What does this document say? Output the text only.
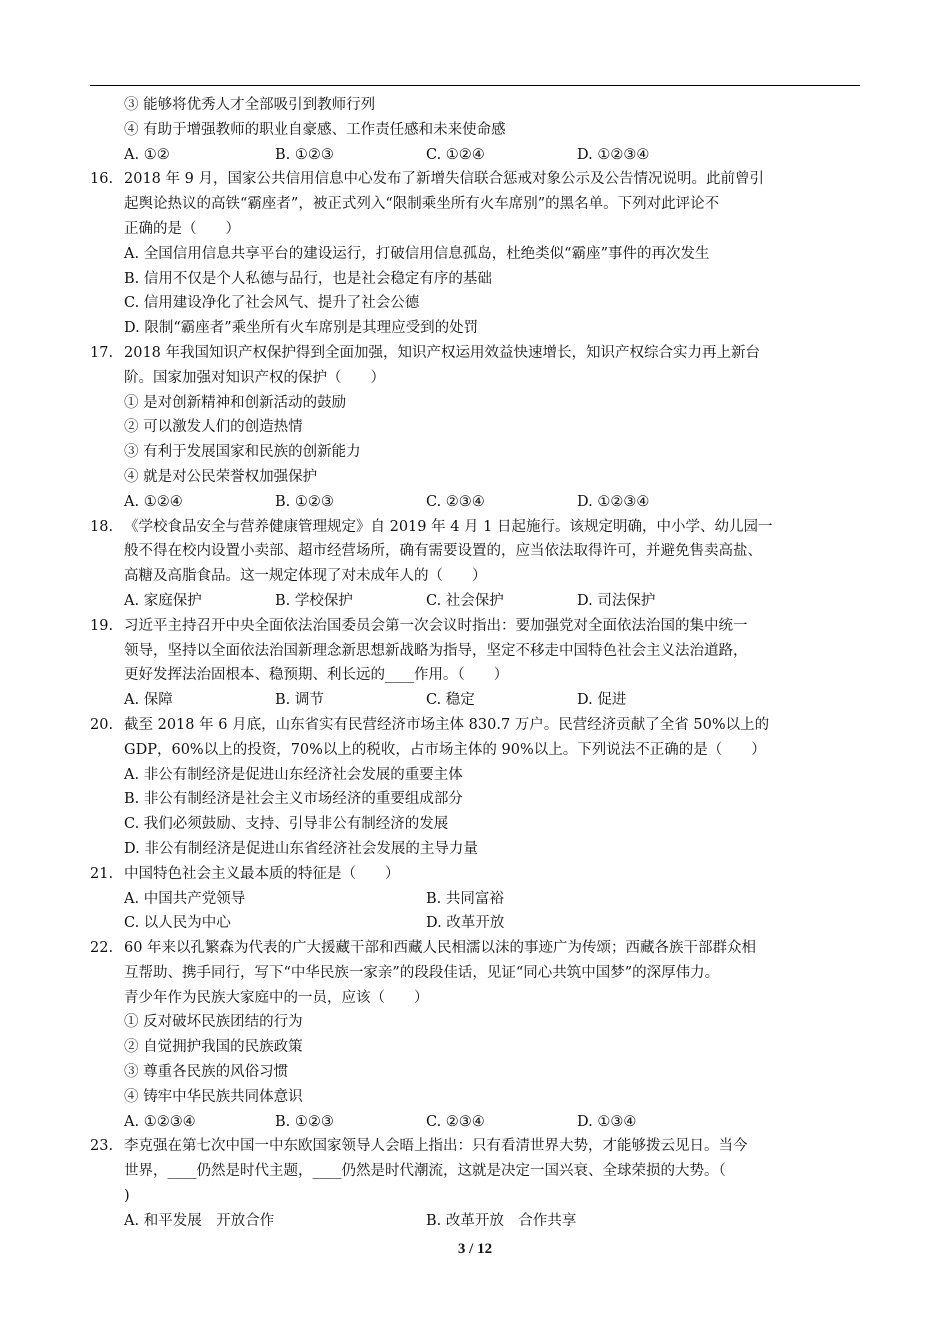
③ 能够将优秀人才全部吸引到教师行列
④ 有助于增强教师的职业自豪感、工作责任感和未来使命感
A. ①②	B. ①②③	C. ①②④	D. ①②③④
16. 2018 年 9 月，国家公共信用信息中心发布了新增失信联合惩戒对象公示及公告情况说明。此前曾引
起舆论热议的高铁“霸座者”，被正式列入“限制乘坐所有火车席别”的黑名单。下列对此评论不
正确的是（　　）
A. 全国信用信息共享平台的建设运行，打破信用信息孤岛，杜绝类似“霸座”事件的再次发生
B. 信用不仅是个人私德与品行，也是社会稳定有序的基础
C. 信用建设净化了社会风气、提升了社会公德
D. 限制“霸座者”乘坐所有火车席别是其理应受到的处罚
17. 2018 年我国知识产权保护得到全面加强，知识产权运用效益快速增长，知识产权综合实力再上新台
阶。国家加强对知识产权的保护（　　）
① 是对创新精神和创新活动的鼓励
② 可以激发人们的创造热情
③ 有利于发展国家和民族的创新能力
④ 就是对公民荣誉权加强保护
A. ①②④	B. ①②③	C. ②③④	D. ①②③④
18. 《学校食品安全与营养健康管理规定》自 2019 年 4 月 1 日起施行。该规定明确，中小学、幼儿园一
般不得在校内设置小卖部、超市经营场所，确有需要设置的，应当依法取得许可，并避免售卖高盐、
高糖及高脂食品。这一规定体现了对未成年人的（　　）
A. 家庭保护	B. 学校保护	C. 社会保护	D. 司法保护
19. 习近平主持召开中央全面依法治国委员会第一次会议时指出：要加强党对全面依法治国的集中统一
领导，坚持以全面依法治国新理念新思想新战略为指导，坚定不移走中国特色社会主义法治道路，
更好发挥法治固根本、稳预期、利长远的____作用。（　　）
A. 保障	B. 调节	C. 稳定	D. 促进
20. 截至 2018 年 6 月底，山东省实有民营经济市场主体 830.7 万户。民营经济贡献了全省 50%以上的
GDP，60%以上的投资，70%以上的税收，占市场主体的 90%以上。下列说法不正确的是（　　）
A. 非公有制经济是促进山东经济社会发展的重要主体
B. 非公有制经济是社会主义市场经济的重要组成部分
C. 我们必须鼓励、支持、引导非公有制经济的发展
D. 非公有制经济是促进山东省经济社会发展的主导力量
21. 中国特色社会主义最本质的特征是（　　）
A. 中国共产党领导	B. 共同富裕
C. 以人民为中心	D. 改革开放
22. 60 年来以孔繁森为代表的广大援藏干部和西藏人民相濡以沫的事迹广为传颂；西藏各族干部群众相
互帮助、携手同行，写下“中华民族一家亲”的段段佳话，见证“同心共筑中国梦”的深厚伟力。
青少年作为民族大家庭中的一员，应该（　　）
① 反对破坏民族团结的行为
② 自觉拥护我国的民族政策
③ 尊重各民族的风俗习惯
④ 铸牢中华民族共同体意识
A. ①②③④	B. ①②③	C. ②③④	D. ①③④
23. 李克强在第七次中国一中东欧国家领导人会晤上指出：只有看清世界大势，才能够拨云见日。当今
世界，____仍然是时代主题，____仍然是时代潮流，这就是决定一国兴衰、全球荣损的大势。（
)
A. 和平发展　开放合作	B. 改革开放　合作共享
3 / 12
